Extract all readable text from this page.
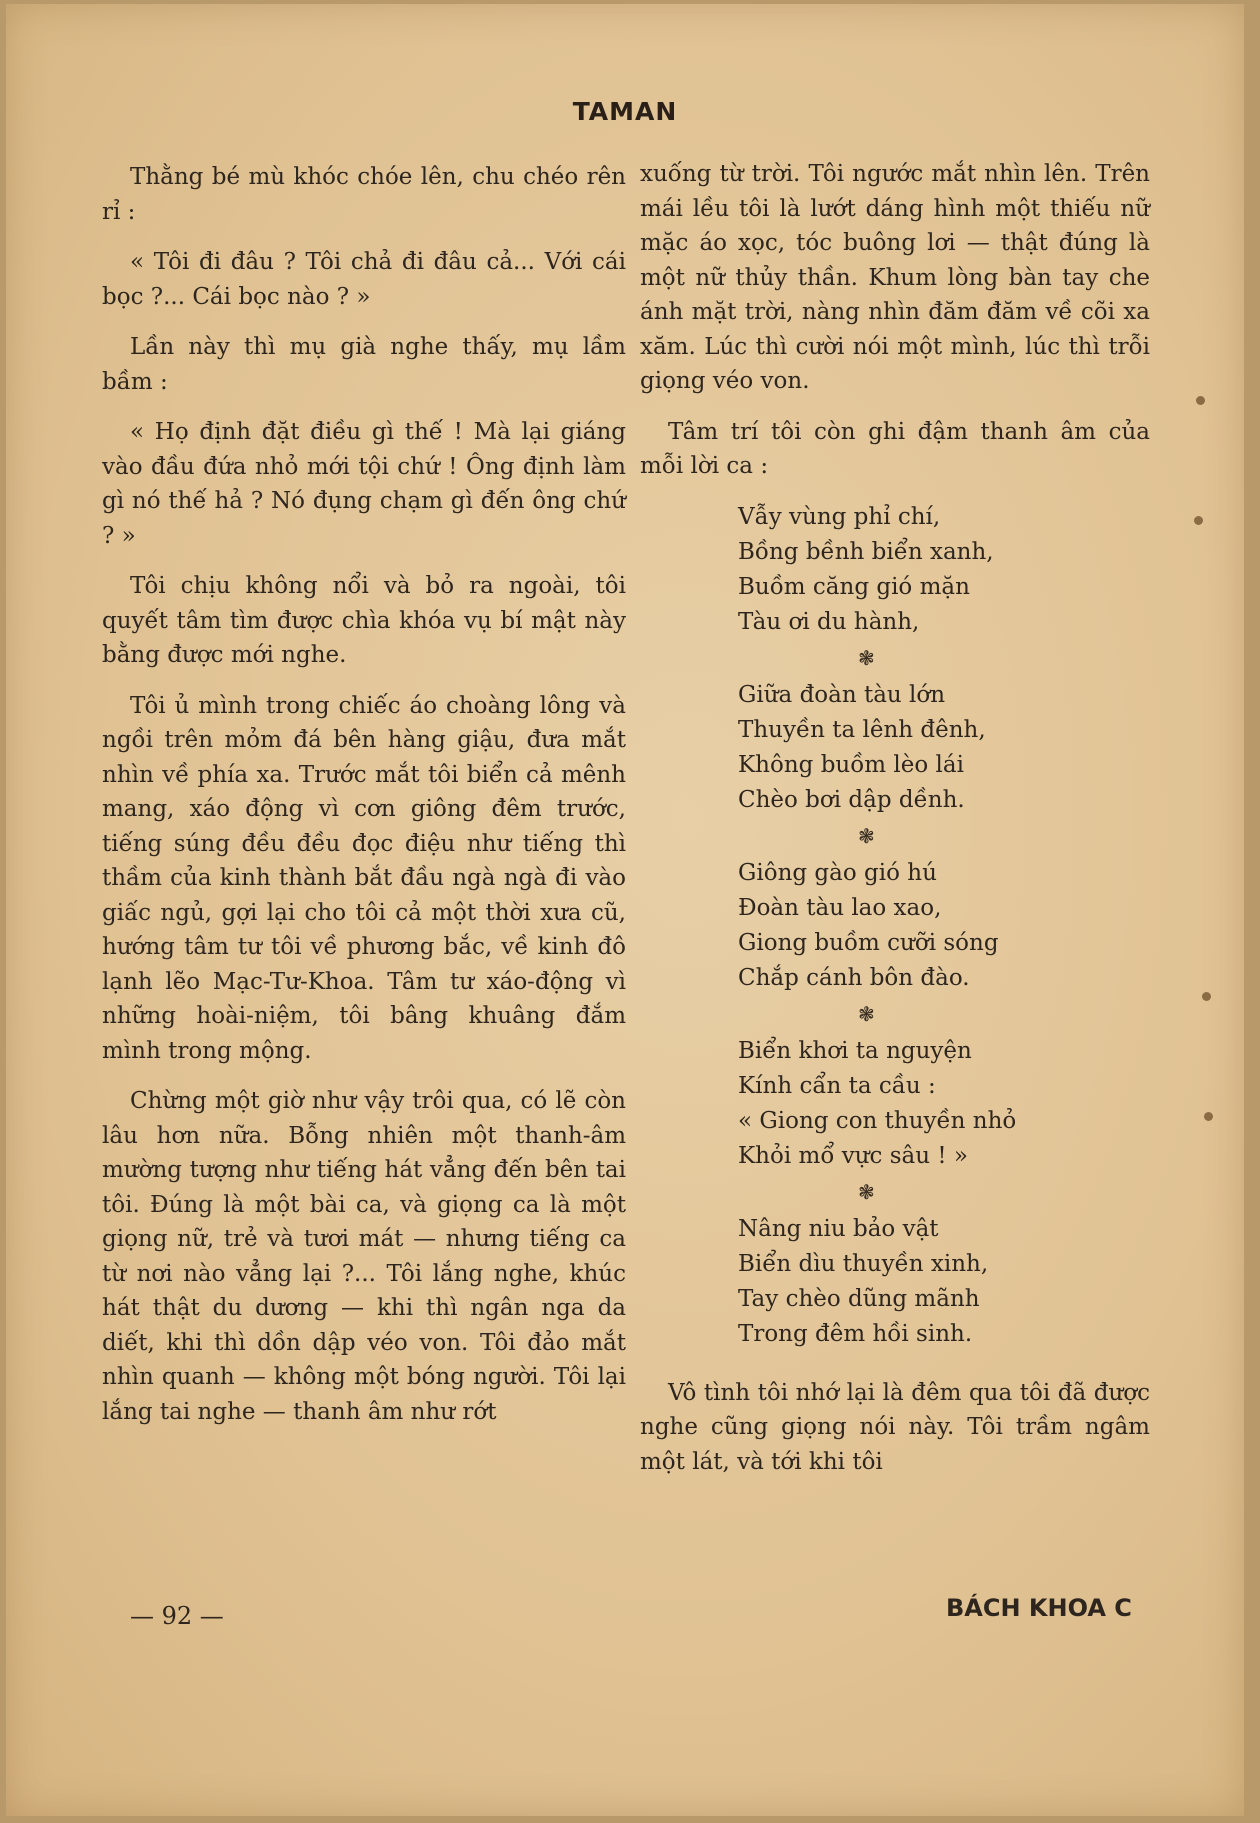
TAMAN

Thằng bé mù khóc chóe lên, chu chéo rên rỉ :

« Tôi đi đâu ? Tôi chả đi đâu cả... Với cái bọc ?... Cái bọc nào ? »

Lần này thì mụ già nghe thấy, mụ lầm bầm :

« Họ định đặt điều gì thế ! Mà lại giáng vào đầu đứa nhỏ mới tội chứ ! Ông định làm gì nó thế hả ? Nó đụng chạm gì đến ông chứ ? »

Tôi chịu không nổi và bỏ ra ngoài, tôi quyết tâm tìm được chìa khóa vụ bí mật này bằng được mới nghe.

Tôi ủ mình trong chiếc áo choàng lông và ngồi trên mỏm đá bên hàng giậu, đưa mắt nhìn về phía xa. Trước mắt tôi biển cả mênh mang, xáo động vì cơn giông đêm trước, tiếng súng đều đều đọc điệu như tiếng thì thầm của kinh thành bắt đầu ngà ngà đi vào giấc ngủ, gợi lại cho tôi cả một thời xưa cũ, hướng tâm tư tôi về phương bắc, về kinh đô lạnh lẽo Mạc-Tư-Khoa. Tâm tư xáo-động vì những hoài-niệm, tôi bâng khuâng đắm mình trong mộng.

Chừng một giờ như vậy trôi qua, có lẽ còn lâu hơn nữa. Bỗng nhiên một thanh-âm mường tượng như tiếng hát vẳng đến bên tai tôi. Đúng là một bài ca, và giọng ca là một giọng nữ, trẻ và tươi mát — nhưng tiếng ca từ nơi nào vẳng lại ?... Tôi lắng nghe, khúc hát thật du dương — khi thì ngân nga da diết, khi thì dồn dập véo von. Tôi đảo mắt nhìn quanh — không một bóng người. Tôi lại lắng tai nghe — thanh âm như rớt

xuống từ trời. Tôi ngước mắt nhìn lên. Trên mái lều tôi là lướt dáng hình một thiếu nữ mặc áo xọc, tóc buông lơi — thật đúng là một nữ thủy thần. Khum lòng bàn tay che ánh mặt trời, nàng nhìn đăm đăm về cõi xa xăm. Lúc thì cười nói một mình, lúc thì trỗi giọng véo von.

Tâm trí tôi còn ghi đậm thanh âm của mỗi lời ca :

Vẫy vùng phỉ chí,
Bồng bềnh biển xanh,
Buồm căng gió mặn
Tàu ơi du hành,
❃
Giữa đoàn tàu lớn
Thuyền ta lênh đênh,
Không buồm lèo lái
Chèo bơi dập dềnh.
❃
Giông gào gió hú
Đoàn tàu lao xao,
Giong buồm cưỡi sóng
Chắp cánh bôn đào.
❃
Biển khơi ta nguyện
Kính cẩn ta cầu :
« Giong con thuyền nhỏ
Khỏi mổ vực sâu ! »
❃
Nâng niu bảo vật
Biển dìu thuyền xinh,
Tay chèo dũng mãnh
Trong đêm hồi sinh.

Vô tình tôi nhớ lại là đêm qua tôi đã được nghe cũng giọng nói này. Tôi trầm ngâm một lát, và tới khi tôi

— 92 —	BÁCH KHOA C
